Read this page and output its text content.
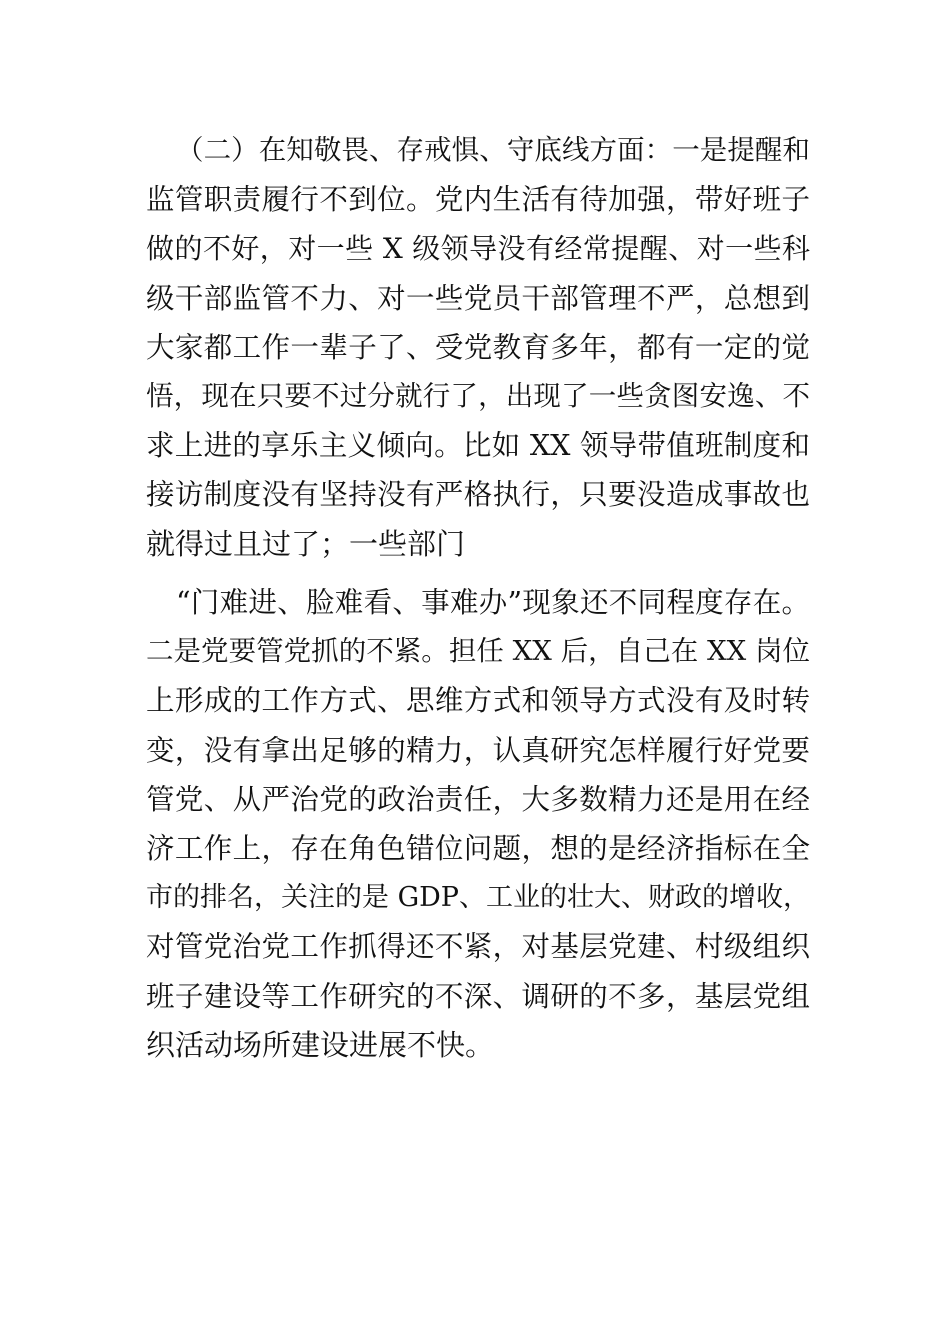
（二）在知敬畏、存戒惧、守底线方面：一是提醒和
监管职责履行不到位。党内生活有待加强，带好班子
做的不好，对一些 X 级领导没有经常提醒、对一些科
级干部监管不力、对一些党员干部管理不严，总想到
大家都工作一辈子了、受党教育多年，都有一定的觉
悟，现在只要不过分就行了，出现了一些贪图安逸、不
求上进的享乐主义倾向。比如 XX 领导带值班制度和
接访制度没有坚持没有严格执行，只要没造成事故也
就得过且过了；一些部门
“门难进、脸难看、事难办”现象还不同程度存在。
二是党要管党抓的不紧。担任 XX 后，自己在 XX 岗位
上形成的工作方式、思维方式和领导方式没有及时转
变，没有拿出足够的精力，认真研究怎样履行好党要
管党、从严治党的政治责任，大多数精力还是用在经
济工作上，存在角色错位问题，想的是经济指标在全
市的排名，关注的是 GDP、工业的壮大、财政的增收，
对管党治党工作抓得还不紧，对基层党建、村级组织
班子建设等工作研究的不深、调研的不多，基层党组
织活动场所建设进展不快。
